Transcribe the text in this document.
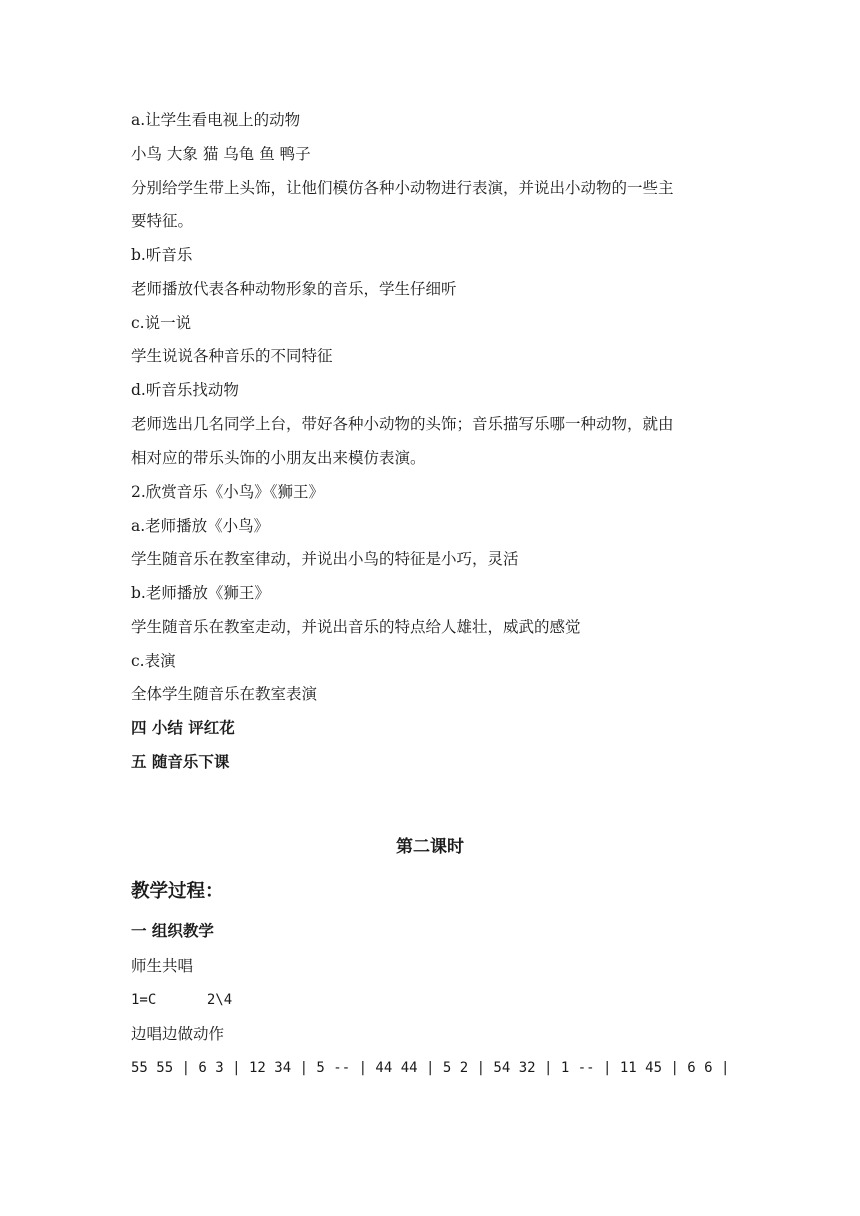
a.让学生看电视上的动物
小鸟 大象 猫 乌龟 鱼 鸭子
分别给学生带上头饰，让他们模仿各种小动物进行表演，并说出小动物的一些主
要特征。
b.听音乐
老师播放代表各种动物形象的音乐，学生仔细听
c.说一说
学生说说各种音乐的不同特征
d.听音乐找动物
老师选出几名同学上台，带好各种小动物的头饰；音乐描写乐哪一种动物，就由
相对应的带乐头饰的小朋友出来模仿表演。
2.欣赏音乐《小鸟》《狮王》
a.老师播放《小鸟》
学生随音乐在教室律动，并说出小鸟的特征是小巧，灵活
b.老师播放《狮王》
学生随音乐在教室走动，并说出音乐的特点给人雄壮，威武的感觉
c.表演
全体学生随音乐在教室表演
四 小结 评红花
五 随音乐下课
第二课时
教学过程：
一 组织教学
师生共唱
1=C      2\4
边唱边做动作
55 55 | 6 3 | 12 34 | 5 -- | 44 44 | 5 2 | 54 32 | 1 -- | 11 45 | 6 6 |
